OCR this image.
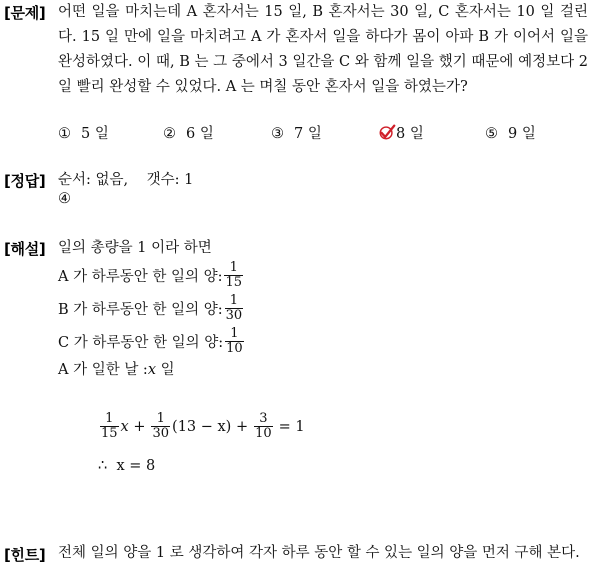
[문제] 어떤 일을 마치는데 A 혼자서는 15 일, B 혼자서는 30 일, C 혼자서는 10 일 걸린다. 15 일 만에 일을 마치려고 A 가 혼자서 일을 하다가 몸이 아파 B 가 이어서 일을 완성하였다. 이 때, B 는 그 중에서 3 일간을 C 와 함께 일을 했기 때문에 예정보다 2 일 빨리 완성할 수 있었다. A 는 며칠 동안 혼자서 일을 하였는가?
① 5 일	② 6 일	③ 7 일	8 일	⑤ 9 일
[정답] 순서: 없음,    갯수: 1
④
[해설] 일의 총량을 1 이라 하면
A 가 하루동안 한 일의 양: $\frac{1}{15}$
B 가 하루동안 한 일의 양: $\frac{1}{30}$
C 가 하루동안 한 일의 양: $\frac{1}{10}$
A 가 일한 날 :x 일
$\frac{1}{15}$ $x + \frac{1}{30} (13 - x) + \frac{3}{10} = 1$
∴  x = 8
[힌트] 전체 일의 양을 1 로 생각하여 각자 하루 동안 할 수 있는 일의 양을 먼저 구해 본다.
